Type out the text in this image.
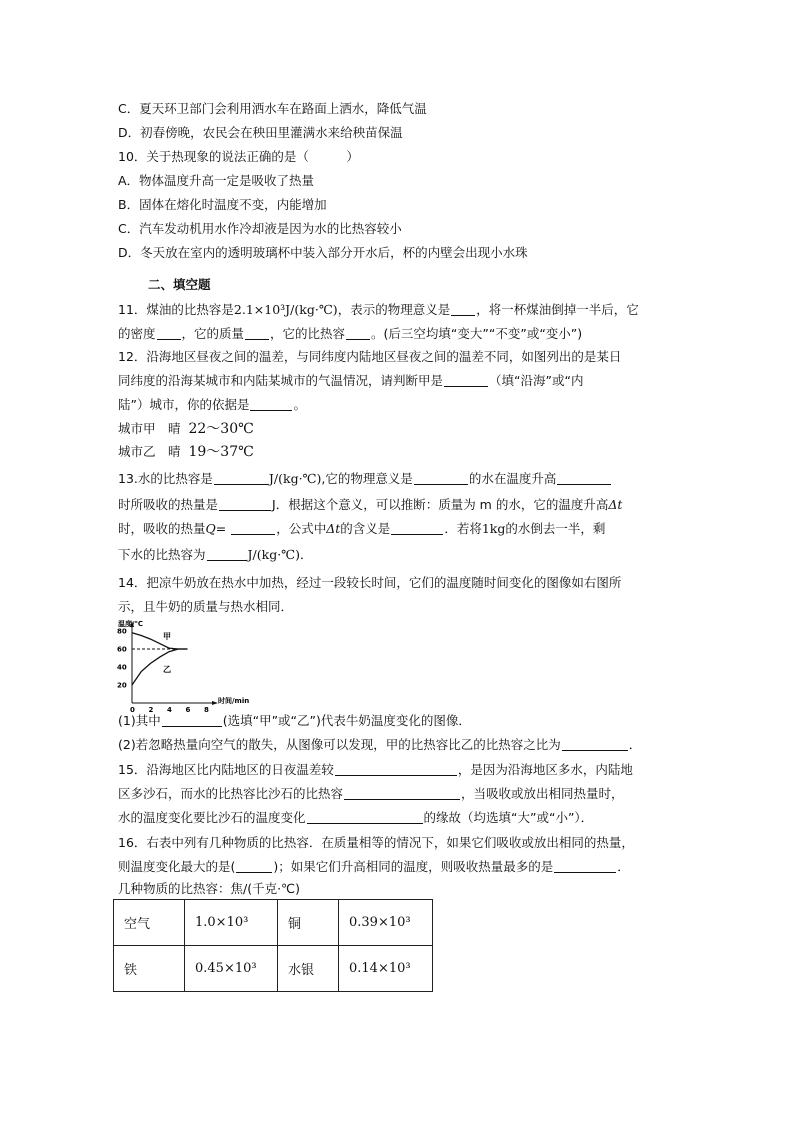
C．夏天环卫部门会利用洒水车在路面上洒水，降低气温
D．初春傍晚，农民会在秧田里灌满水来给秧苗保温
10．关于热现象的说法正确的是（　　　）
A．物体温度升高一定是吸收了热量
B．固体在熔化时温度不变，内能增加
C．汽车发动机用水作冷却液是因为水的比热容较小
D．冬天放在室内的透明玻璃杯中装入部分开水后，杯的内壁会出现小水珠
二、填空题
11．煤油的比热容是2.1×10³J/(kg·℃)，表示的物理意义是 ，将一杯煤油倒掉一半后，它
的密度 ，它的质量 ，它的比热容 。(后三空均填“变大”“不变”或“变小”)
12．沿海地区昼夜之间的温差，与同纬度内陆地区昼夜之间的温差不同，如图列出的是某日
同纬度的沿海某城市和内陆某城市的气温情况，请判断甲是	（填“沿海”或“内
陆”）城市，你的依据是	。
城市甲　晴 22～30℃
城市乙　晴 19～37℃
13.水的比热容是	J/(kg·℃),它的物理意义是	的水在温度升高
时所吸收的热量是	J．根据这个意义，可以推断：质量为 m 的水，它的温度升高Δt
时，吸收的热量Q=	，公式中Δt的含义是	．若将1kg的水倒去一半，剩
下水的比热容为	J/(kg·℃)．
14．把凉牛奶放在热水中加热，经过一段较长时间，它们的温度随时间变化的图像如右图所
示，且牛奶的质量与热水相同．
温度/℃
时间/min
20
40
60
80
0 2 4 6 8
甲
乙
(1)其中	(选填“甲”或“乙”)代表牛奶温度变化的图像．
(2)若忽略热量向空气的散失，从图像可以发现，甲的比热容比乙的比热容之比为	．
15．沿海地区比内陆地区的日夜温差较	，是因为沿海地区多水，内陆地
区多沙石，而水的比热容比沙石的比热容	，当吸收或放出相同热量时，
水的温度变化要比沙石的温度变化	的缘故（均选填“大”或“小”）．
16．右表中列有几种物质的比热容．在质量相等的情况下，如果它们吸收或放出相同的热量，
则温度变化最大的是(	)；如果它们升高相同的温度，则吸收热量最多的是	．
几种物质的比热容：焦/(千克·℃)
空气	1.0×10³	铜	0.39×10³
铁	0.45×10³	水银	0.14×10³
